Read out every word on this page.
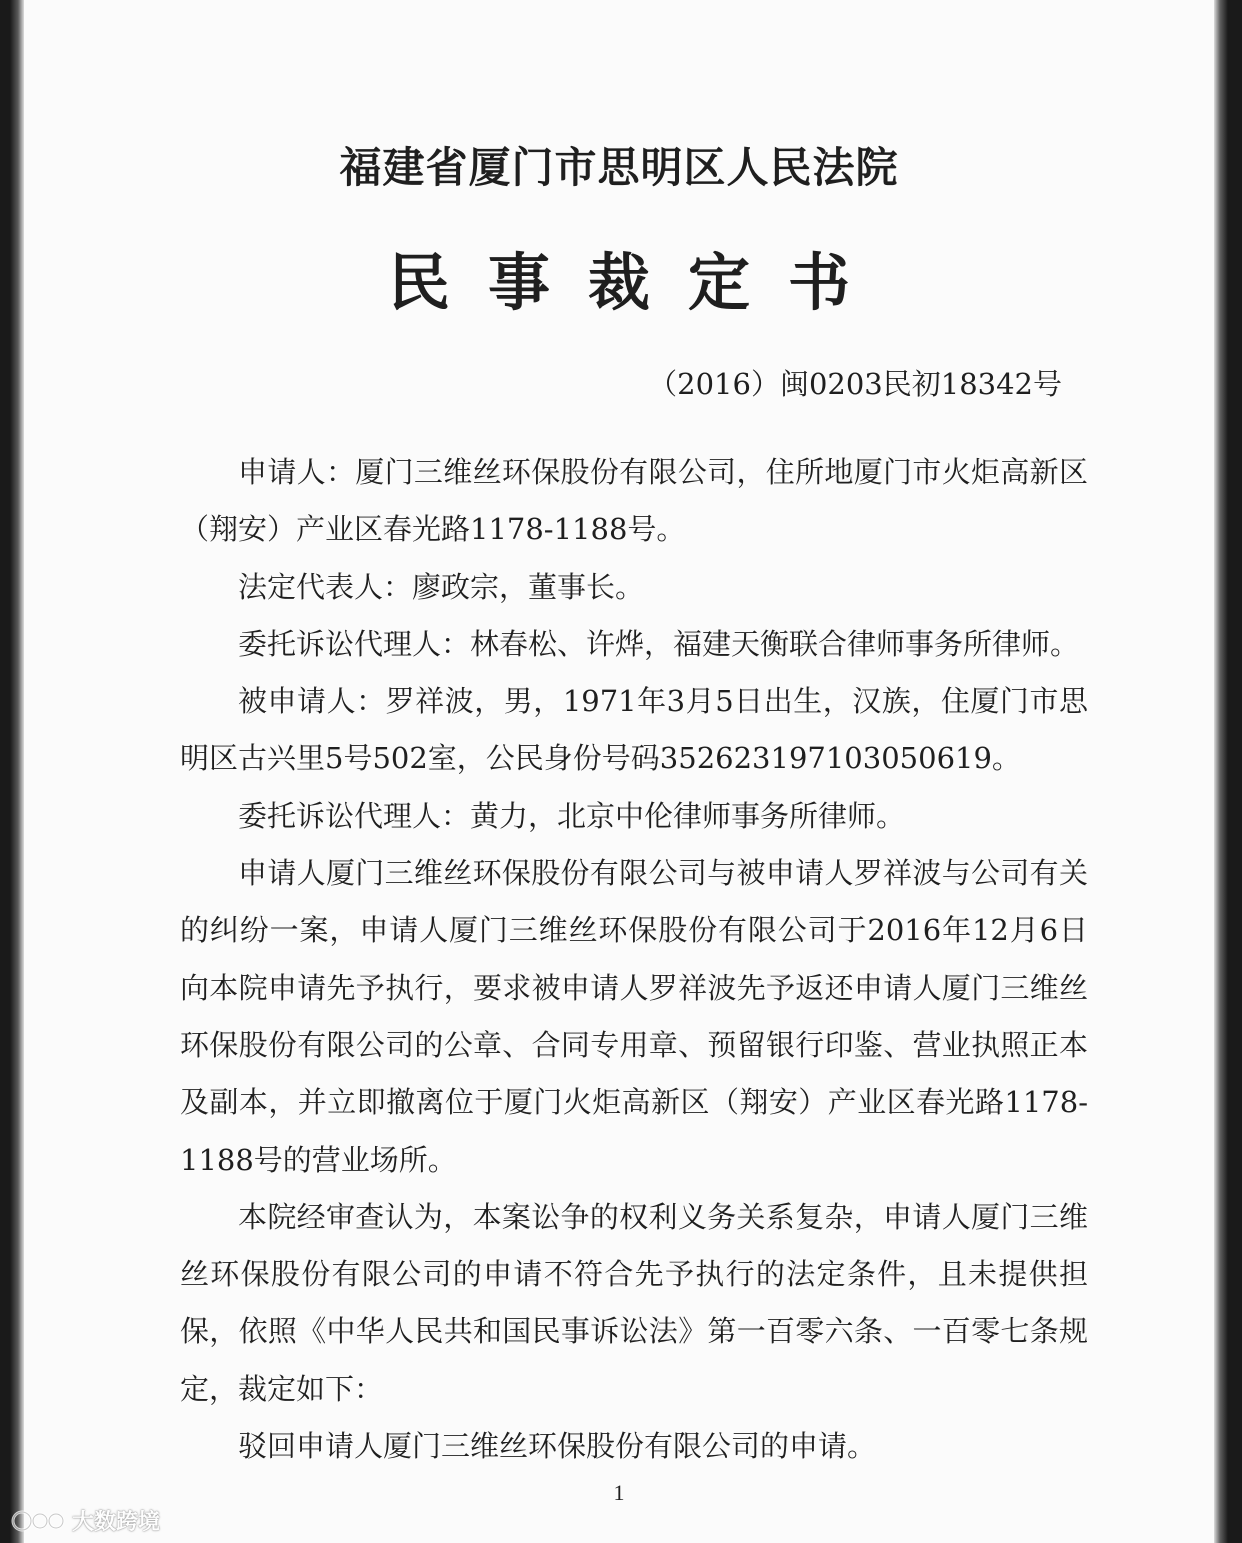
福建省厦门市思明区人民法院
民事裁定书
（2016）闽0203民初18342号

申请人：厦门三维丝环保股份有限公司，住所地厦门市火炬高新区（翔安）产业区春光路1178-1188号。

法定代表人：廖政宗，董事长。

委托诉讼代理人：林春松、许烨，福建天衡联合律师事务所律师。

被申请人：罗祥波，男，1971年3月5日出生，汉族，住厦门市思明区古兴里5号502室，公民身份号码352623197103050619。

委托诉讼代理人：黄力，北京中伦律师事务所律师。

申请人厦门三维丝环保股份有限公司与被申请人罗祥波与公司有关的纠纷一案，申请人厦门三维丝环保股份有限公司于2016年12月6日向本院申请先予执行，要求被申请人罗祥波先予返还申请人厦门三维丝环保股份有限公司的公章、合同专用章、预留银行印鉴、营业执照正本及副本，并立即撤离位于厦门火炬高新区（翔安）产业区春光路1178-1188号的营业场所。

本院经审查认为，本案讼争的权利义务关系复杂，申请人厦门三维丝环保股份有限公司的申请不符合先予执行的法定条件，且未提供担保，依照《中华人民共和国民事诉讼法》第一百零六条、一百零七条规定，裁定如下：

驳回申请人厦门三维丝环保股份有限公司的申请。

1
大数跨境
